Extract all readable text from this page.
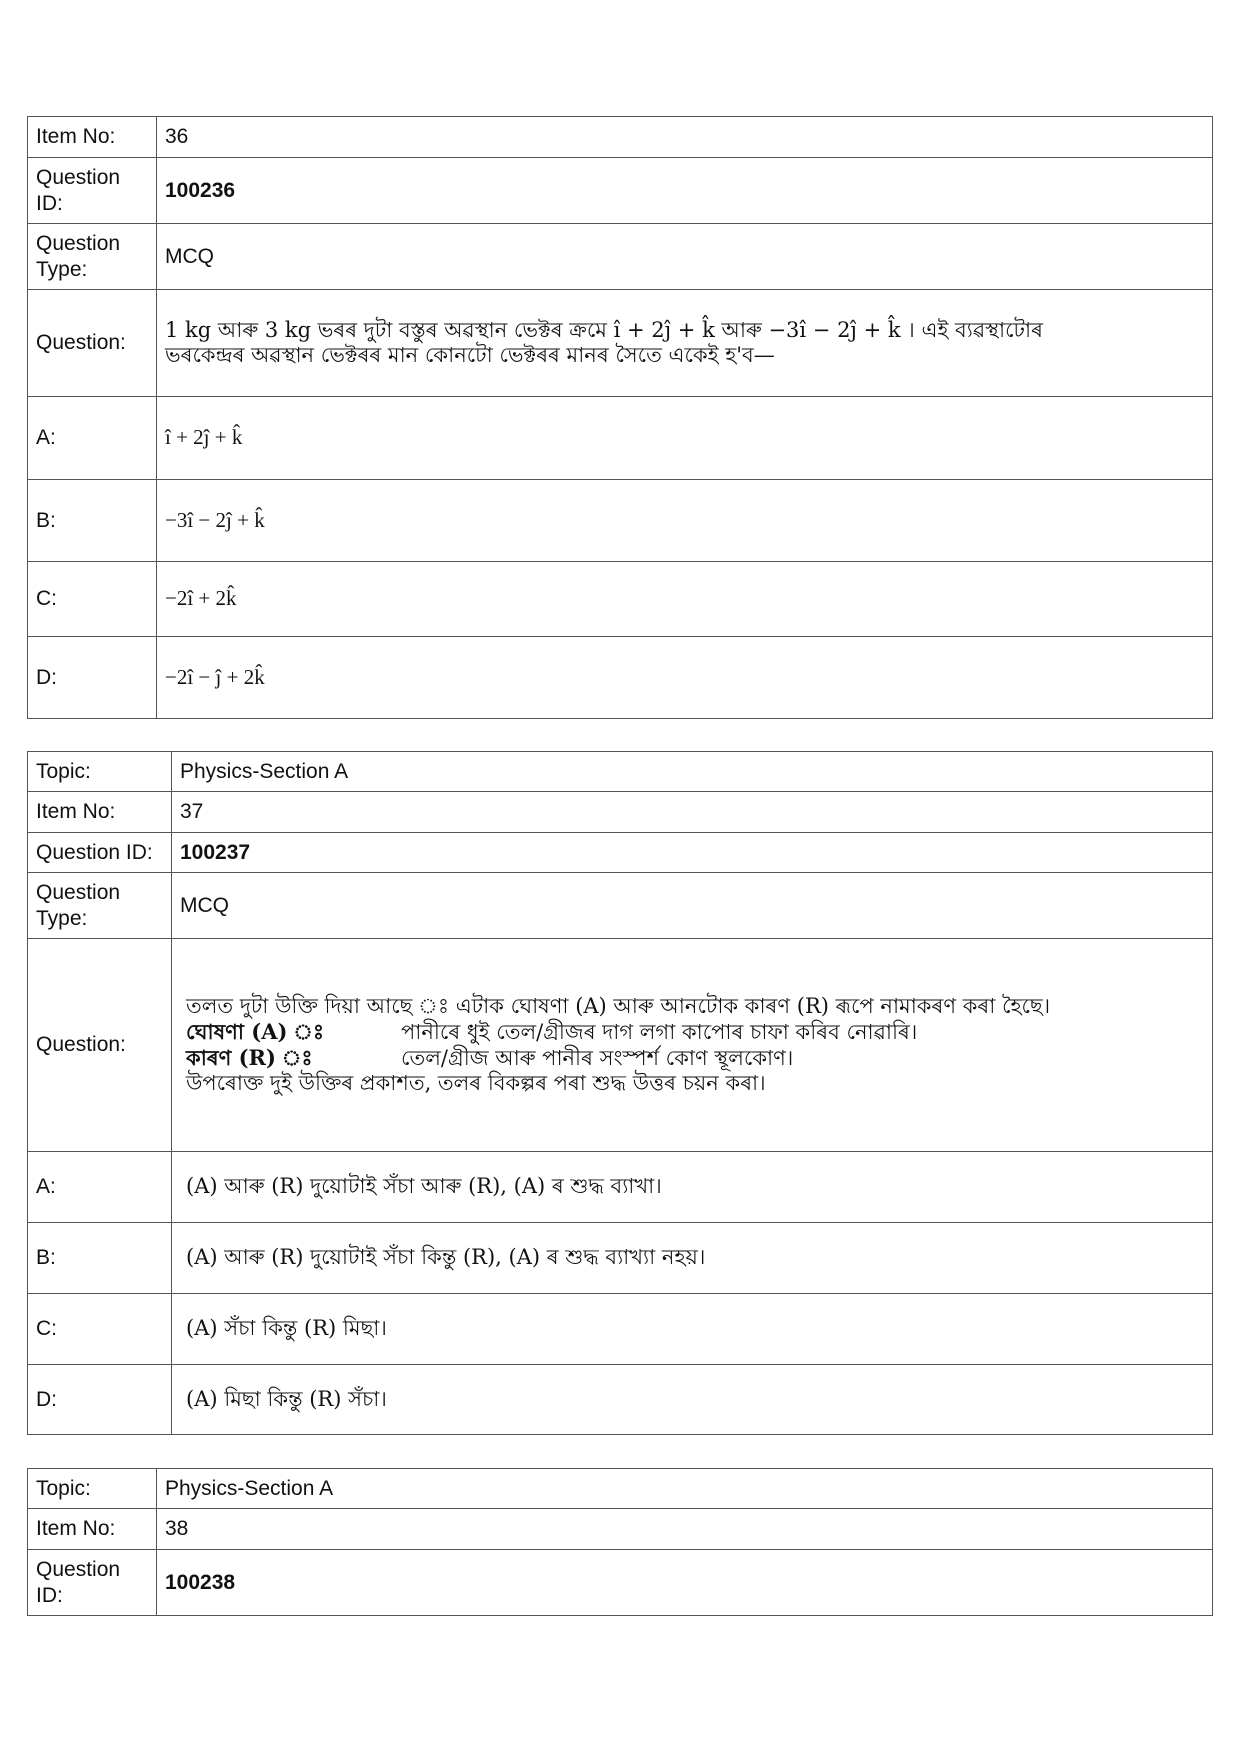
Item No:	36
Question ID:	100236
Question Type:	MCQ
Question:	1 kg আৰু 3 kg ভৰৰ দুটা বস্তুৰ অৱস্থান ভেক্টৰ ক্ৰমে î + 2ĵ + k̂ আৰু −3î − 2ĵ + k̂ । এই ব্যৱস্থাটোৰ
ভৰকেন্দ্ৰৰ অৱস্থান ভেক্টৰৰ মান কোনটো ভেক্টৰৰ মানৰ সৈতে একেই হ'ব—

A:	î + 2ĵ + k̂
B:	−3î − 2ĵ + k̂
C:	−2î + 2k̂
D:	−2î − ĵ + 2k̂
Topic:	Physics-Section A
Item No:	37
Question ID:	100237
Question Type:	MCQ
Question:	তলত দুটা উক্তি দিয়া আছে ঃ এটাক ঘোষণা (A) আৰু আনটোক কাৰণ (R) ৰূপে নামাকৰণ কৰা হৈছে।
ঘোষণা (A) ঃ পানীৰে ধুই তেল/গ্ৰীজৰ দাগ লগা কাপোৰ চাফা কৰিব নোৱাৰি।
কাৰণ (R) ঃ তেল/গ্ৰীজ আৰু পানীৰ সংস্পৰ্শ কোণ স্থূলকোণ।
উপৰোক্ত দুই উক্তিৰ প্ৰকাশত, তলৰ বিকল্পৰ পৰা শুদ্ধ উত্তৰ চয়ন কৰা।

A:	(A) আৰু (R) দুয়োটাই সঁচা আৰু (R), (A) ৰ শুদ্ধ ব্যাখা।
B:	(A) আৰু (R) দুয়োটাই সঁচা কিন্তু (R), (A) ৰ শুদ্ধ ব্যাখ্যা নহয়।
C:	(A) সঁচা কিন্তু (R) মিছা।
D:	(A) মিছা কিন্তু (R) সঁচা।
Topic:	Physics-Section A
Item No:	38
Question ID:	100238
